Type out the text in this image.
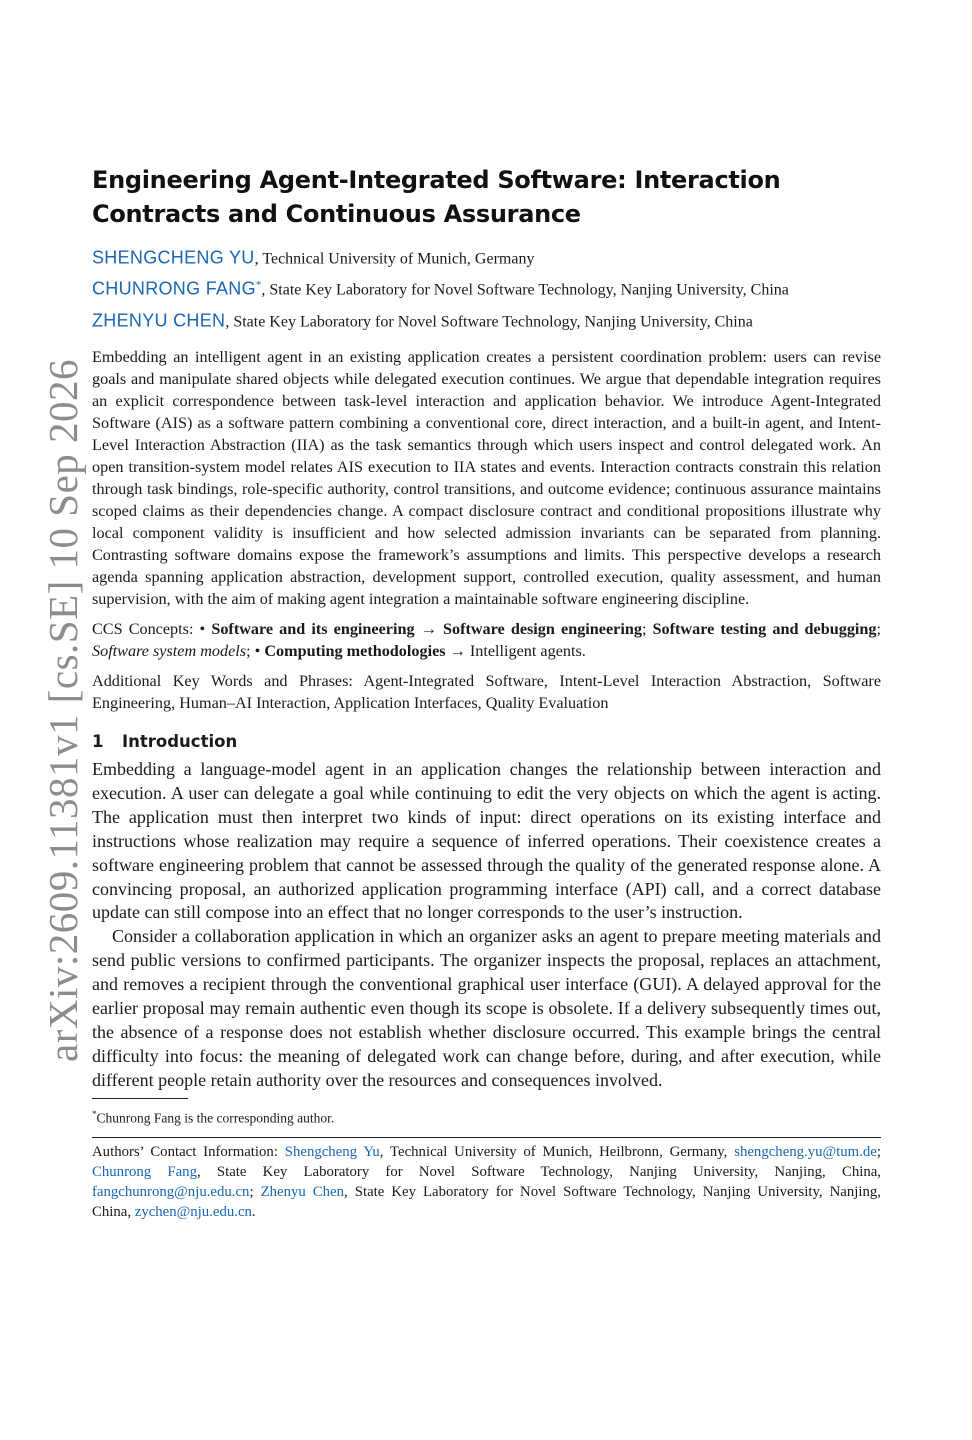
arXiv:2609.11381v1 [cs.SE] 10 Sep 2026
Engineering Agent-Integrated Software: Interaction Contracts and Continuous Assurance
SHENGCHENG YU, Technical University of Munich, Germany
CHUNRONG FANG*, State Key Laboratory for Novel Software Technology, Nanjing University, China
ZHENYU CHEN, State Key Laboratory for Novel Software Technology, Nanjing University, China
Embedding an intelligent agent in an existing application creates a persistent coordination problem: users can revise goals and manipulate shared objects while delegated execution continues. We argue that dependable integration requires an explicit correspondence between task-level interaction and application behavior. We introduce Agent-Integrated Software (AIS) as a software pattern combining a conventional core, direct interaction, and a built-in agent, and Intent-Level Interaction Abstraction (IIA) as the task semantics through which users inspect and control delegated work. An open transition-system model relates AIS execution to IIA states and events. Interaction contracts constrain this relation through task bindings, role-specific authority, control transitions, and outcome evidence; continuous assurance maintains scoped claims as their dependencies change. A compact disclosure contract and conditional propositions illustrate why local component validity is insufficient and how selected admission invariants can be separated from planning. Contrasting software domains expose the framework’s assumptions and limits. This perspective develops a research agenda spanning application abstraction, development support, controlled execution, quality assessment, and human supervision, with the aim of making agent integration a maintainable software engineering discipline.
CCS Concepts: • Software and its engineering → Software design engineering; Software testing and debugging; Software system models; • Computing methodologies → Intelligent agents.
Additional Key Words and Phrases: Agent-Integrated Software, Intent-Level Interaction Abstraction, Software Engineering, Human–AI Interaction, Application Interfaces, Quality Evaluation
1 Introduction

Embedding a language-model agent in an application changes the relationship between interaction and execution. A user can delegate a goal while continuing to edit the very objects on which the agent is acting. The application must then interpret two kinds of input: direct operations on its existing interface and instructions whose realization may require a sequence of inferred operations. Their coexistence creates a software engineering problem that cannot be assessed through the quality of the generated response alone. A convincing proposal, an authorized application programming interface (API) call, and a correct database update can still compose into an effect that no longer corresponds to the user’s instruction.

Consider a collaboration application in which an organizer asks an agent to prepare meeting materials and send public versions to confirmed participants. The organizer inspects the proposal, replaces an attachment, and removes a recipient through the conventional graphical user interface (GUI). A delayed approval for the earlier proposal may remain authentic even though its scope is obsolete. If a delivery subsequently times out, the absence of a response does not establish whether disclosure occurred. This example brings the central difficulty into focus: the meaning of delegated work can change before, during, and after execution, while different people retain authority over the resources and consequences involved.

*Chunrong Fang is the corresponding author.
Authors’ Contact Information: Shengcheng Yu, Technical University of Munich, Heilbronn, Germany, shengcheng.yu@tum.de; Chunrong Fang, State Key Laboratory for Novel Software Technology, Nanjing University, Nanjing, China, fangchunrong@nju.edu.cn; Zhenyu Chen, State Key Laboratory for Novel Software Technology, Nanjing University, Nanjing, China, zychen@nju.edu.cn.
